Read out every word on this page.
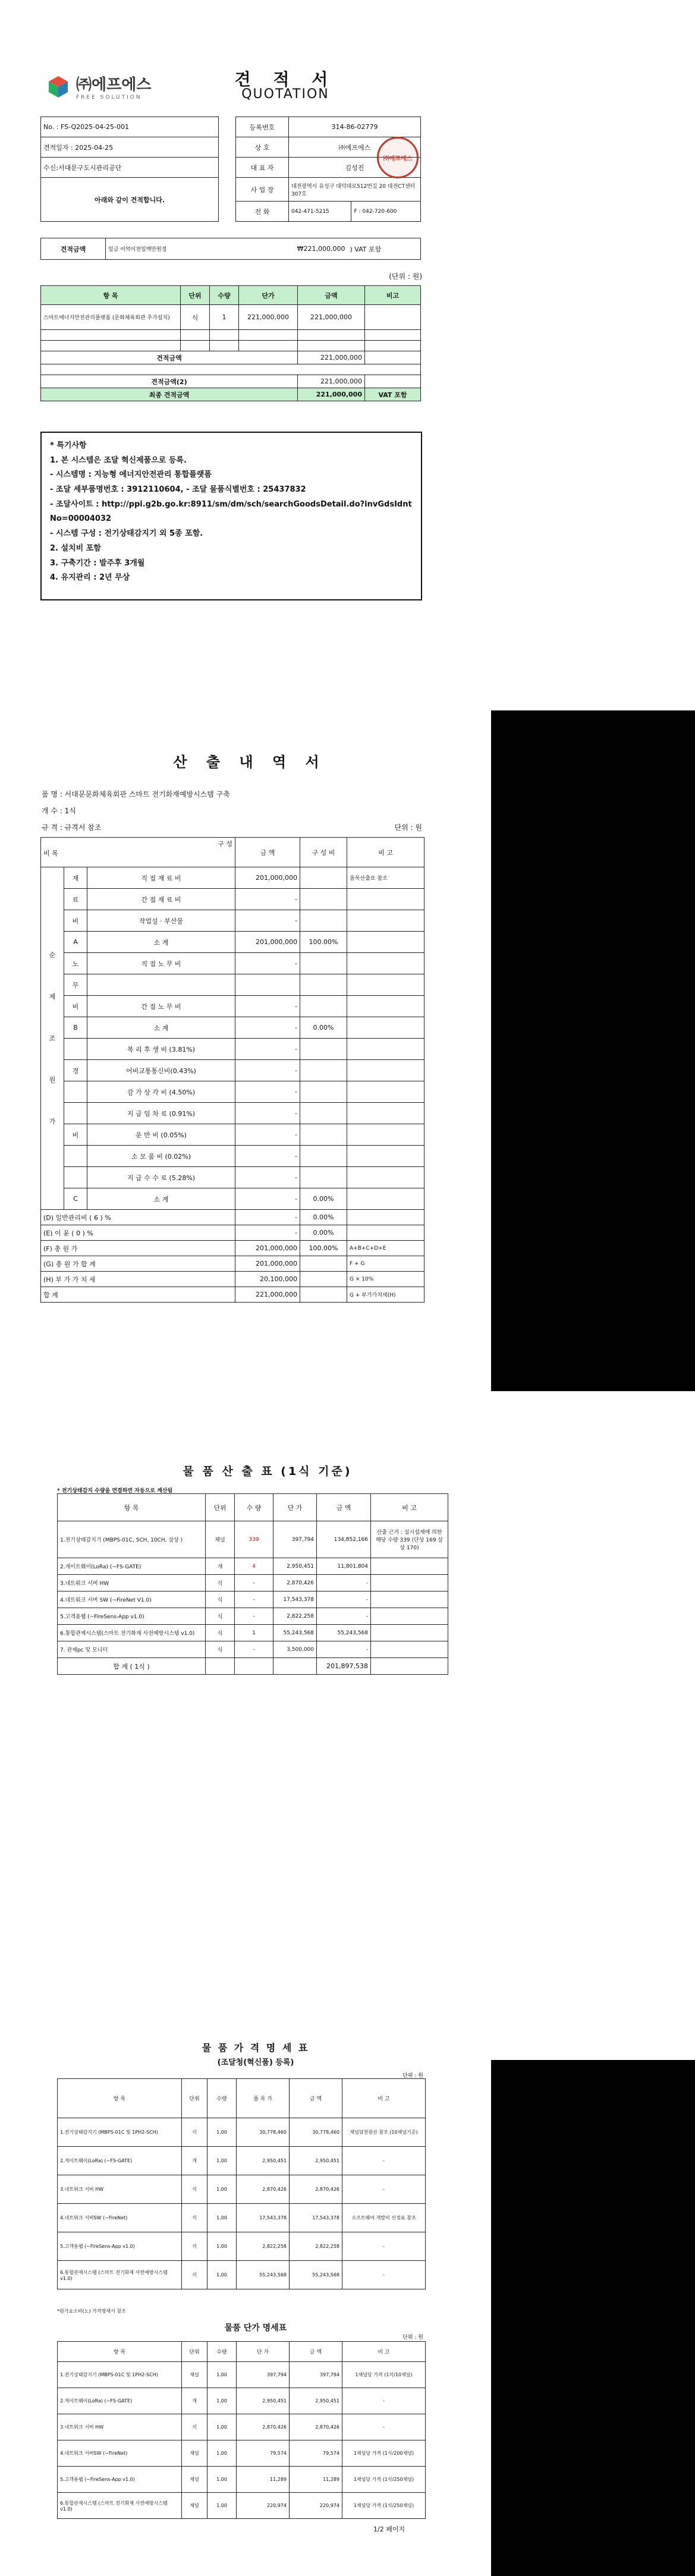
㈜에프에스
FREE SOLUTION
견 적 서
QUOTATION
No. : FS-Q2025-04-25-001		등록번호	314-86-02779	
견적일자 : 2025-04-25		상 호	㈜에프에스	
수신:서대문구도시관리공단		대 표 자	김성진	
아래와 같이 견적합니다.		사 업 장	대전광역시 유성구 대덕대로512번길 20 대전CT센터 307호	
		전 화	042-471-5215	F : 042-720-600
㈜에프에스
견적금액	일금 이억이천일백만원정	₩221,000,000	) VAT 포함
(단위 : 원)
항 목	단위	수량	단가	금액	비고
스마트에너지안전관리플랫폼 (문화체육회관 추가설치)	식	1	221,000,000	221,000,000	

견적금액				221,000,000	

견적금액(2)				221,000,000	
최종 견적금액				221,000,000	VAT 포함
* 특기사항
1. 본 시스템은 조달 혁신제품으로 등록.
- 시스템명 : 지능형 에너지안전관리 통합플랫폼
- 조달 세부품명번호 : 3912110604, - 조달 물품식별번호 : 25437832
- 조달사이트 : http://ppi.g2b.go.kr:8911/sm/dm/sch/searchGoodsDetail.do?invGdsIdntNo=00004032
- 시스템 구성 : 전기상태감지기 외 5종 포함.
2. 설치비 포함
3. 구축기간 : 발주후 3개월
4. 유지관리 : 2년 무상
산 출 내 역 서
품 명 : 서대문문화체육회관 스마트 전기화재예방시스템 구축
개 수 : 1식
규 격 : 규격서 참조	단위 : 원
구 성

비 목			금 액	구 성 비	비 고

순
제
조
원
가	재	직 접 재 료 비	201,000,000		품목산출표 참조
	료	간 접 재 료 비	-		
	비	작업설 · 부산물	-		
	A	소 계	201,000,000	100.00%	
	노	직 접 노 무 비	-		
	무				
	비	간 접 노 무 비	-		
	B	소 계	-	0.00%	
		복 리 후 생 비 (3.81%)	-		
	경	어비교통통신비(0.43%)	-		
		감 가 상 각 비 (4.50%)	-		
		지 급 임 차 료 (0.91%)	-		
	비	운 반 비 (0.05%)	-		
		소 모 품 비 (0.02%)	-		
		지 급 수 수 료 (5.28%)	-		
	C	소 계	-	0.00%	
(D) 일반관리비 ( 6 ) %			-	0.00%	
(E) 이 윤 ( 0 ) %			-	0.00%	
(F) 총 원 가			201,000,000	100.00%	A+B+C+D+E
(G) 총 원 가 합 계			201,000,000		F + G
(H) 부 가 가 치 세			20,100,000		G × 10%
합 계			221,000,000		G + 부가가치세(H)
물 품 산 출 표 (1식 기준)
* 전기상태감지 수량을 연결하면 자동으로 계산됨
항 목	단위	수 량	단 가	금 액	비 고
1.전기상태감지기 (MBPS-01C, 5CH, 10CH, 삼상 )	채널	339	397,794	134,852,166	산출 근거 : 실시설계에 의한 해당 수량 339 (단상 169 삼상 170)
2.게이트웨이(LoRa) (~FS-GATE)	개	4	2,950,451	11,801,804	
3.네트워크 서버 HW	식	-	2,870,426	-	
4.네트워크 서버 SW (~FireNet V1.0)	식	-	17,543,378	-	
5.고객용웹 (~FireSens-App v1.0)	식	-	2,822,258	-	
6.통합관제시스템(스마트 전기화재 사전예방시스템 v1.0)	식	1	55,243,568	55,243,568	
7. 관제pc 및 모니터	식	-	3,500,000	-	
합 계 ( 1식 )				201,897,538	
물 품 가 격 명 세 표
(조달청(혁신품) 등록)
단위 : 원
항 목	단위	수량	품 목 가	금 액	비 고
1.전기상태감지기 (MBPS-01C 및 1PH2-SCH)	식	1.00	30,778,460	30,778,460	채널당천원산 참조 (10채널기준)
2.게이트웨이(LoRa) (~FS-GATE)	개	1.00	2,950,451	2,950,451	-
3.네트워크 서버 HW	식	1.00	2,870,426	2,870,426	-
4.네트워크 서버SW (~FireNet)	식	1.00	17,543,378	17,543,378	소프트웨어 개발비 산정표 참조
5.고객용웹 (~FireSens-App v1.0)	식	1.00	2,822,258	2,822,258	-
6.통합관제시스템 (스마트 전기화재 사전예방시스템 v1.0)	식	1.00	55,243,568	55,243,568	-
*원가요소비(노) 가격명세서 참조
물품 단가 명세표
단위 : 원
항 목	단위	수량	단 가	금 액	비 고
1.전기상태감지기 (MBPS-01C 및 1PH2-SCH)	채널	1.00	397,794	397,794	1채널당 가격 (1식/10채널)
2.게이트웨이(LoRa) (~FS-GATE)	개	1.00	2,950,451	2,950,451	-
3.네트워크 서버 HW	식	1.00	2,870,426	2,870,426	-
4.네트워크 서버SW (~FireNet)	채널	1.00	79,574	79,574	1채널당 가격 (1식/200채널)
5.고객용웹 (~FireSens-App v1.0)	채널	1.00	11,289	11,289	1채널당 가격 (1식/250채널)
6.통합관제시스템 (스마트 전기화재 사전예방시스템 v1.0)	채널	1.00	220,974	220,974	1채널당 가격 (1식/250채널)
1/2 페이지
